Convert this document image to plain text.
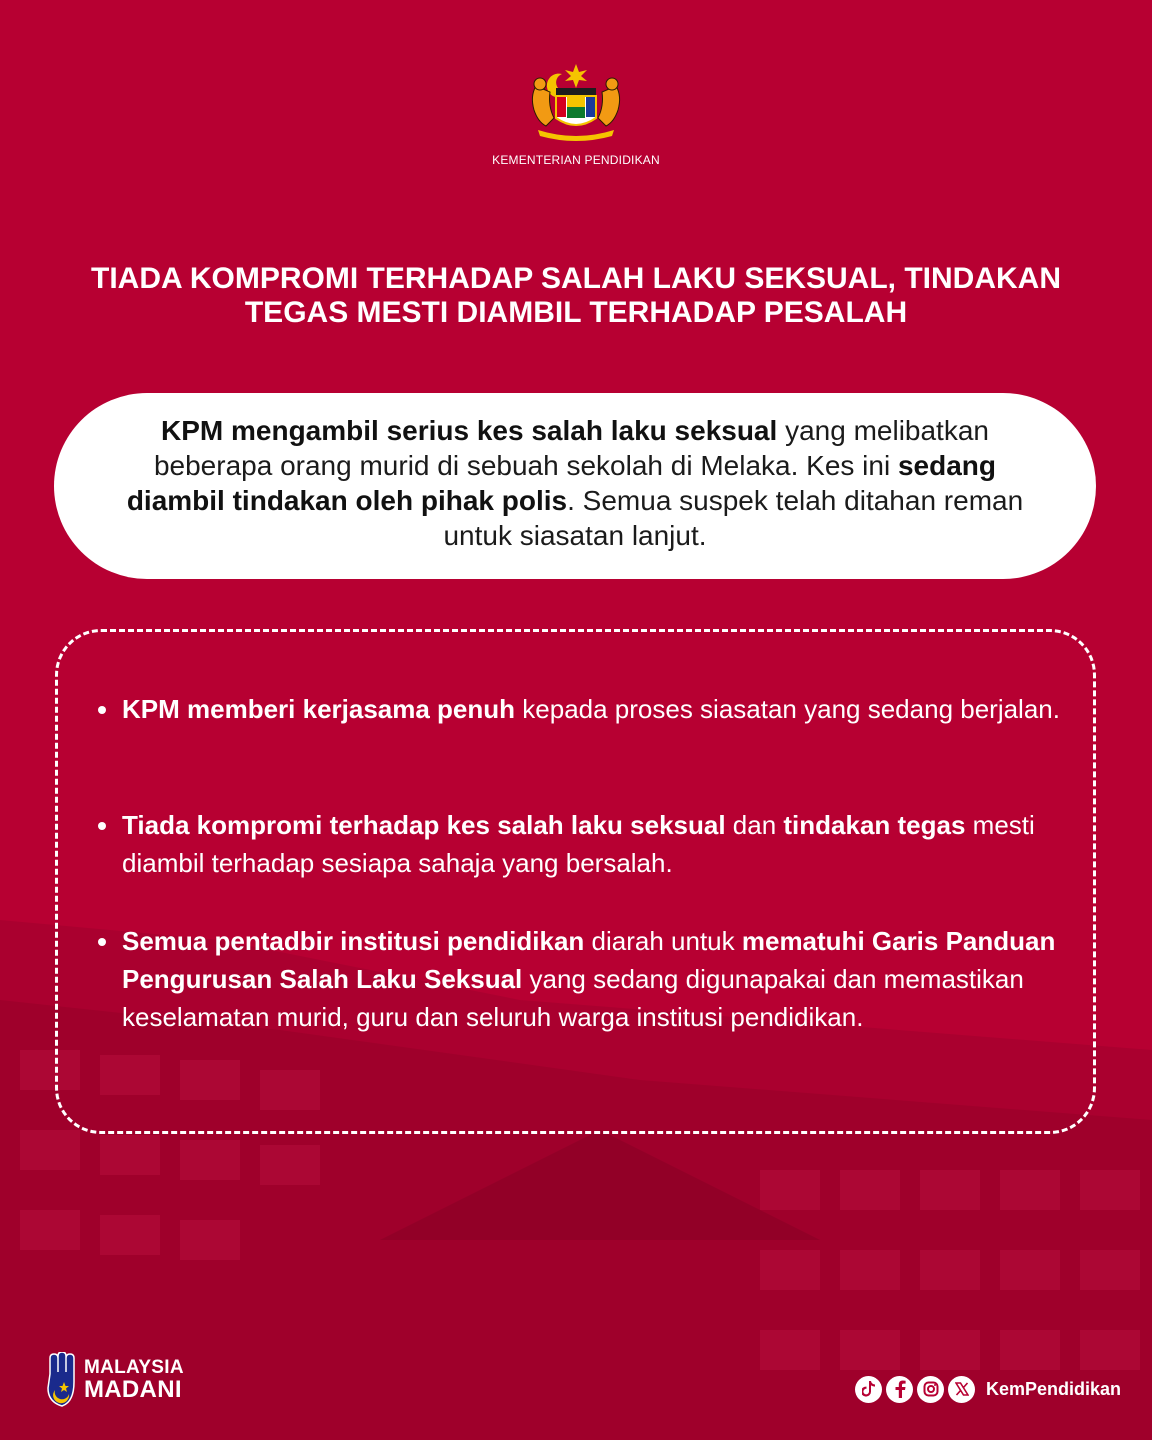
KEMENTERIAN PENDIDIKAN
TIADA KOMPROMI TERHADAP SALAH LAKU SEKSUAL, TINDAKAN TEGAS MESTI DIAMBIL TERHADAP PESALAH
KPM mengambil serius kes salah laku seksual yang melibatkan beberapa orang murid di sebuah sekolah di Melaka. Kes ini sedang diambil tindakan oleh pihak polis. Semua suspek telah ditahan reman untuk siasatan lanjut.
KPM memberi kerjasama penuh kepada proses siasatan yang sedang berjalan.
Tiada kompromi terhadap kes salah laku seksual dan tindakan tegas mesti diambil terhadap sesiapa sahaja yang bersalah.
Semua pentadbir institusi pendidikan diarah untuk mematuhi Garis Panduan Pengurusan Salah Laku Seksual yang sedang digunapakai dan memastikan keselamatan murid, guru dan seluruh warga institusi pendidikan.
MALAYSIA
MADANI	KemPendidikan
